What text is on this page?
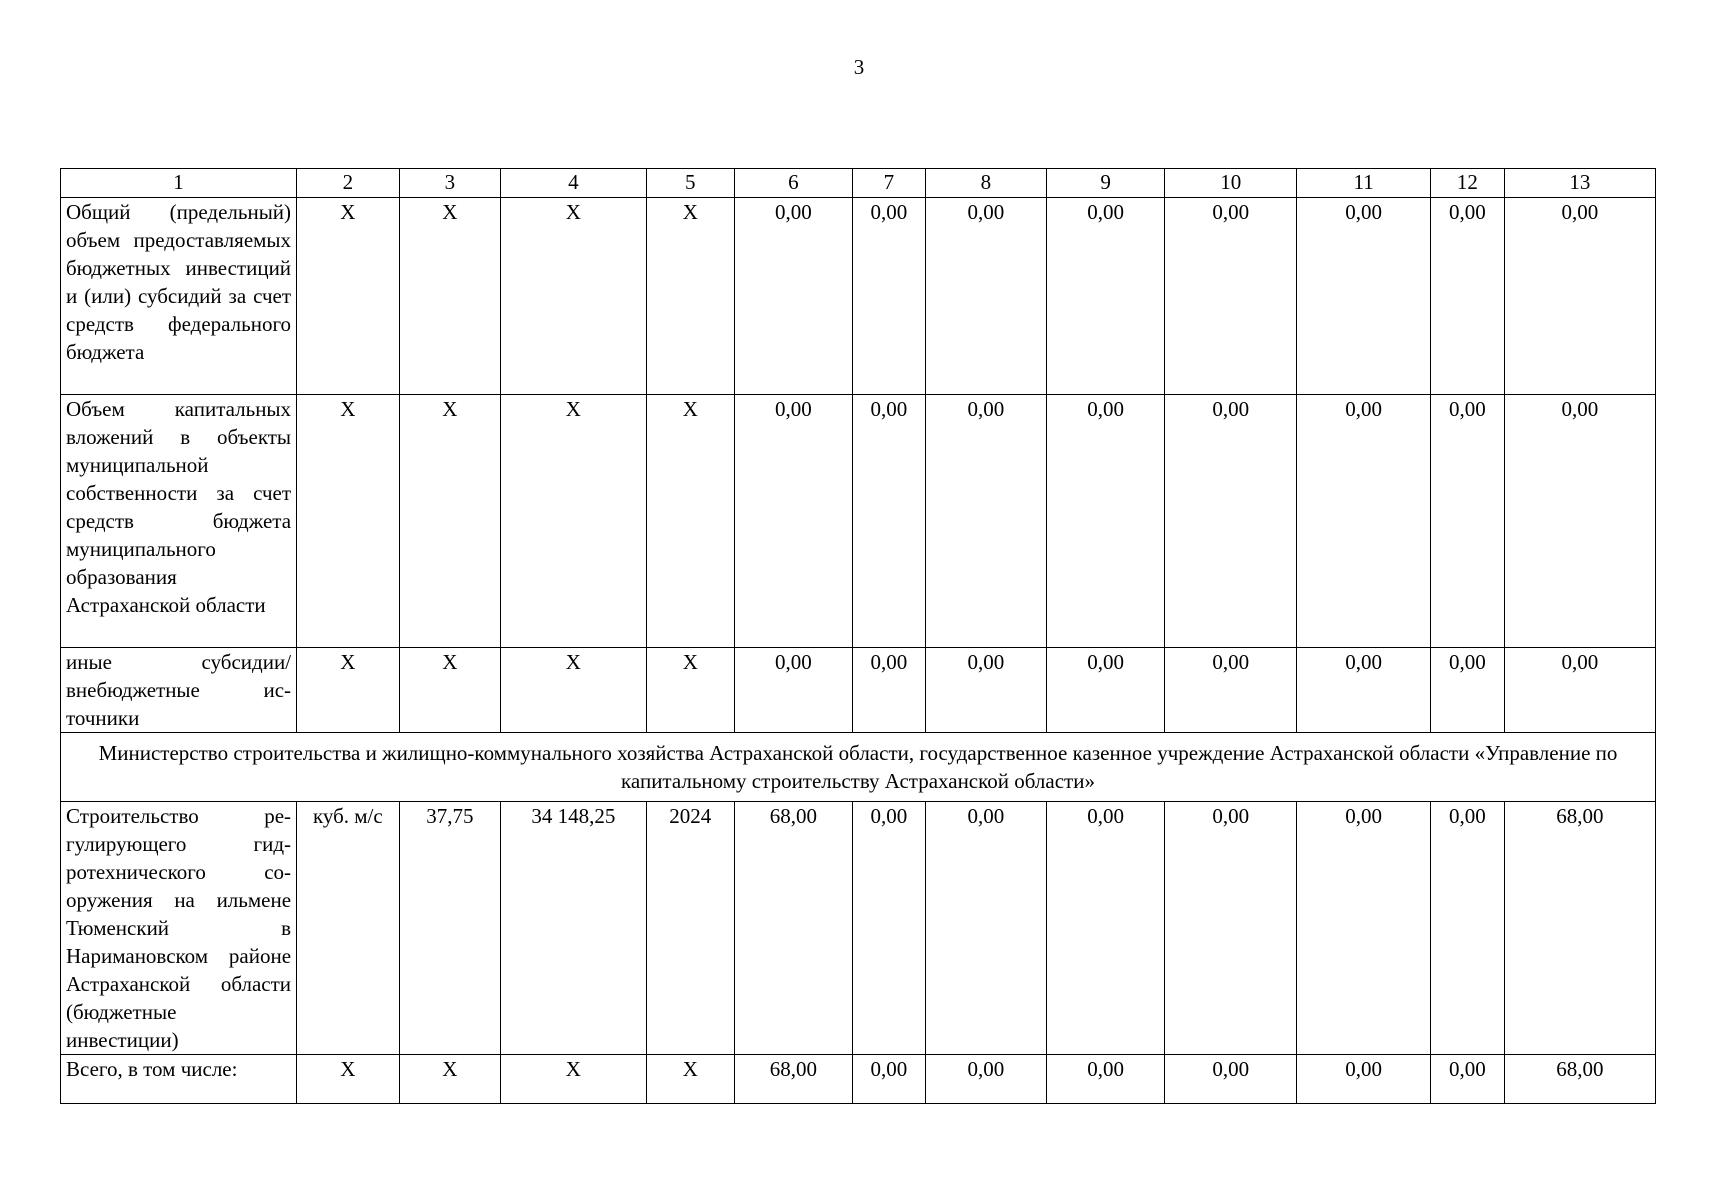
3
1	2	3	4	5	6	7	8	9	10	11	12	13
Общий (предельный) объем предоставляемых бюджетных инвестиций и (или) субсидий за счет средств федерального бюджета	X	X	X	X	0,00	0,00	0,00	0,00	0,00	0,00	0,00	0,00
Объем капитальных вложений в объекты муниципальной собственности за счет средств бюджета муниципального образования Астраханской области	X	X	X	X	0,00	0,00	0,00	0,00	0,00	0,00	0,00	0,00
иные субсидии/ внебюджетные источники	X	X	X	X	0,00	0,00	0,00	0,00	0,00	0,00	0,00	0,00
Министерство строительства и жилищно-коммунального хозяйства Астраханской области, государственное казенное учреждение Астраханской области «Управление по капитальному строительству Астраханской области»												
Строительство регулирующего гидротехнического сооружения на ильмене Тюменский в Наримановском районе Астраханской области (бюджетные инвестиции)	куб. м/с	37,75	34 148,25	2024	68,00	0,00	0,00	0,00	0,00	0,00	0,00	68,00
Всего, в том числе:	X	X	X	X	68,00	0,00	0,00	0,00	0,00	0,00	0,00	68,00
